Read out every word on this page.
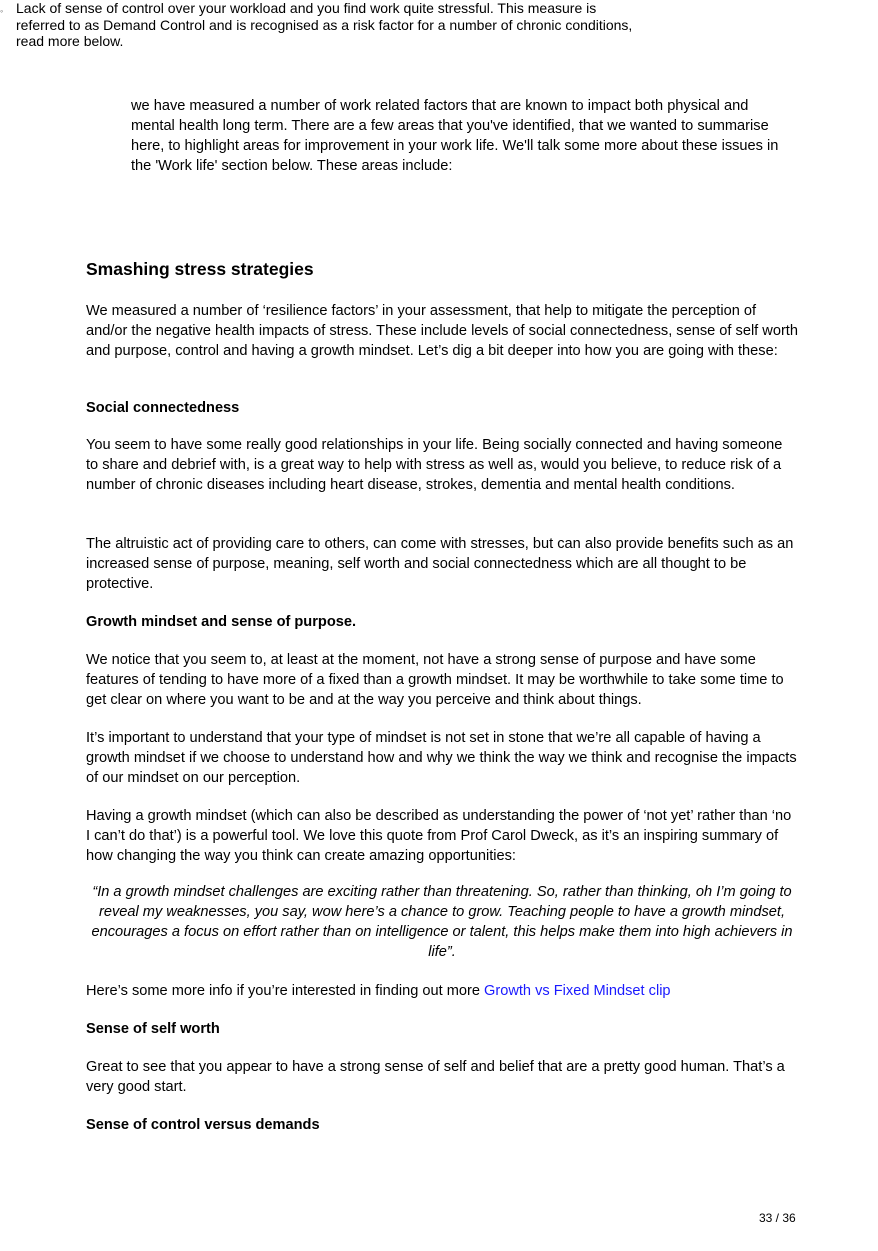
we have measured a number of work related factors that are known to impact both physical and mental health long term. There are a few areas that you've identified, that we wanted to summarise here, to highlight areas for improvement in your work life. We'll talk some more about these issues in the 'Work life' section below. These areas include:

◦ Lack of sense of control over your workload and you find work quite stressful. This measure is referred to as Demand Control and is recognised as a risk factor for a number of chronic conditions, read more below.
Smashing stress strategies

We measured a number of ‘resilience factors’ in your assessment, that help to mitigate the perception of and/or the negative health impacts of stress. These include levels of social connectedness, sense of self worth and purpose, control and having a growth mindset. Let’s dig a bit deeper into how you are going with these:

Social connectedness

You seem to have some really good relationships in your life. Being socially connected and having someone to share and debrief with, is a great way to help with stress as well as, would you believe, to reduce risk of a number of chronic diseases including heart disease, strokes, dementia and mental health conditions.

The altruistic act of providing care to others, can come with stresses, but can also provide benefits such as an increased sense of purpose, meaning, self worth and social connectedness which are all thought to be protective.

Growth mindset and sense of purpose.

We notice that you seem to, at least at the moment, not have a strong sense of purpose and have some features of tending to have more of a fixed than a growth mindset. It may be worthwhile to take some time to get clear on where you want to be and at the way you perceive and think about things.

It’s important to understand that your type of mindset is not set in stone that we’re all capable of having a growth mindset if we choose to understand how and why we think the way we think and recognise the impacts of our mindset on our perception.

Having a growth mindset (which can also be described as understanding the power of ‘not yet’ rather than ‘no I can’t do that’) is a powerful tool. We love this quote from Prof Carol Dweck, as it’s an inspiring summary of how changing the way you think can create amazing opportunities:

“In a growth mindset challenges are exciting rather than threatening. So, rather than thinking, oh I’m going to reveal my weaknesses, you say, wow here’s a chance to grow. Teaching people to have a growth mindset, encourages a focus on effort rather than on intelligence or talent, this helps make them into high achievers in life”.

Here’s some more info if you’re interested in finding out more Growth vs Fixed Mindset clip

Sense of self worth

Great to see that you appear to have a strong sense of self and belief that are a pretty good human. That’s a very good start.

Sense of control versus demands

33 / 36
